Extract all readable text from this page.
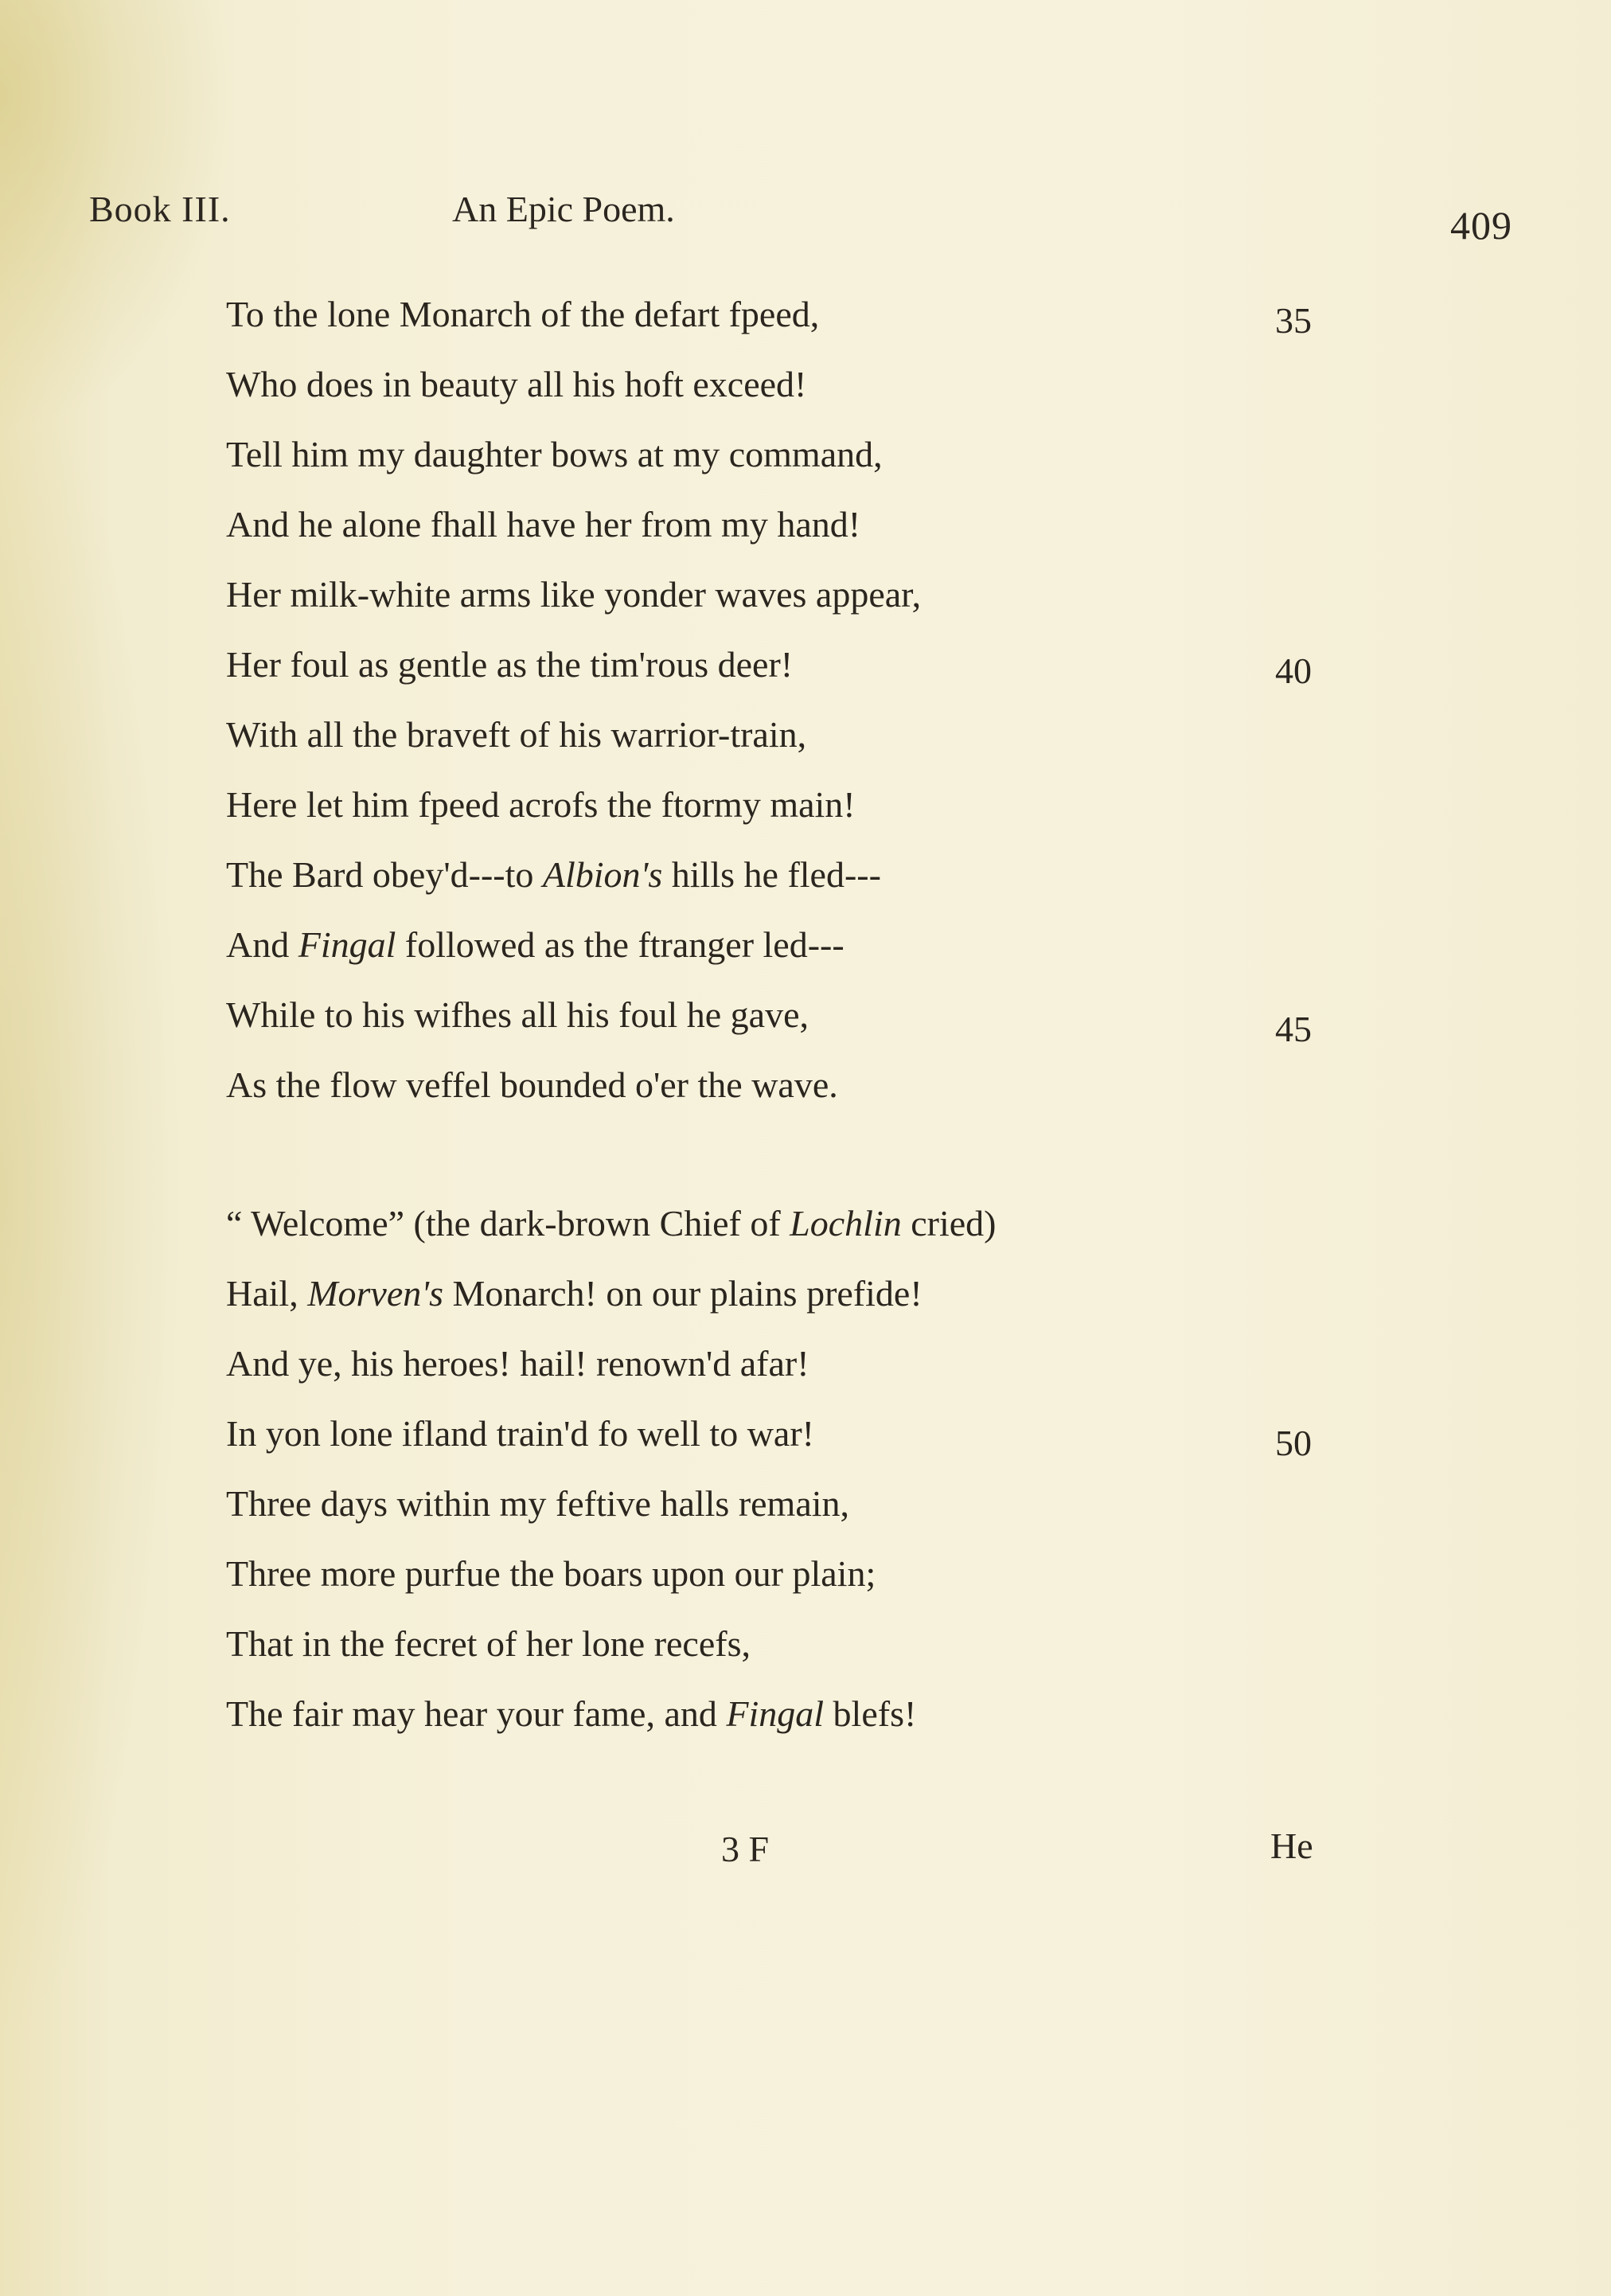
Book III.	An Epic Poem.	409
To the lone Monarch of the defart fpeed,
Who does in beauty all his hoft exceed!
Tell him my daughter bows at my command,
And he alone fhall have her from my hand!
Her milk-white arms like yonder waves appear,
Her foul as gentle as the tim'rous deer!
With all the braveft of his warrior-train,
Here let him fpeed acrofs the ftormy main!
The Bard obey'd---to Albion's hills he fled---
And Fingal followed as the ftranger led---
While to his wifhes all his foul he gave,
As the flow veffel bounded o'er the wave.
“ Welcome” (the dark-brown Chief of Lochlin cried)
Hail, Morven's Monarch! on our plains prefide!
And ye, his heroes! hail! renown'd afar!
In yon lone ifland train'd fo well to war!
Three days within my feftive halls remain,
Three more purfue the boars upon our plain;
That in the fecret of her lone recefs,
The fair may hear your fame, and Fingal blefs!
35
40
45
50
3 F	He
